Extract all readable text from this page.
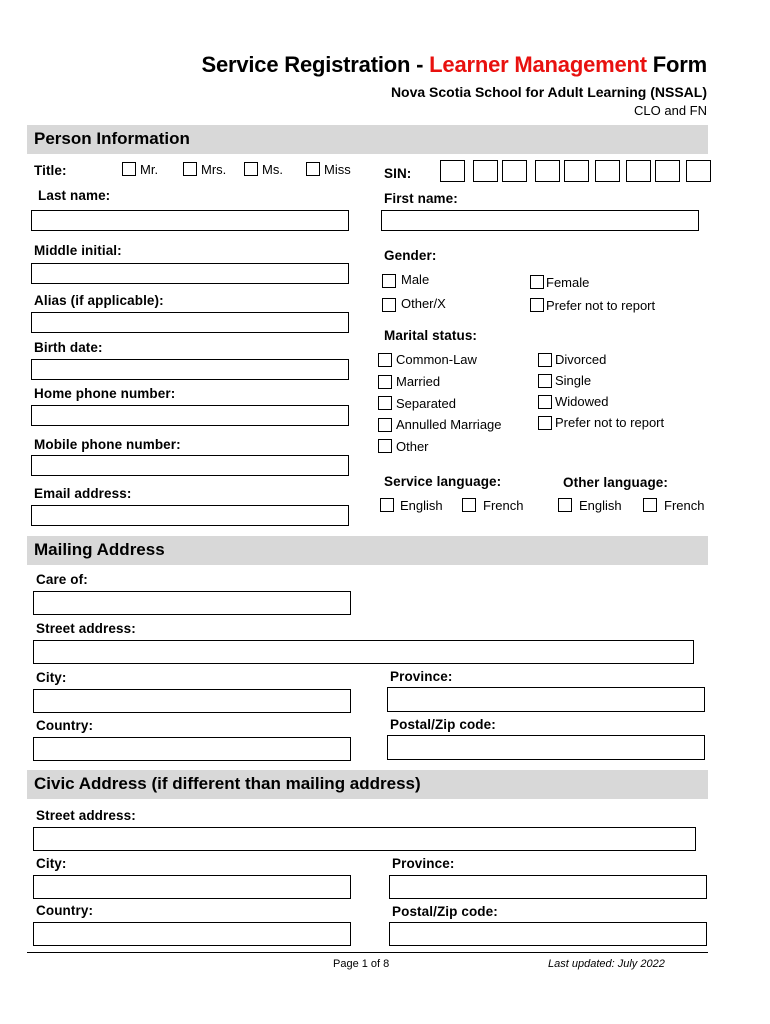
Service Registration - Learner Management Form
Nova Scotia School for Adult Learning (NSSAL)
CLO and FN
Person Information
Title:	Mr.	Mrs.	Ms.	Miss SIN:
Last name:	First name:
Middle initial:	Gender:
Male	Female
Other/X	Prefer not to report
Alias (if applicable):
Marital status:
Common-Law
Married
Separated
Annulled Marriage
Other
Divorced
Single
Widowed
Prefer not to report
Birth date:
Home phone number:
Mobile phone number:
Email address:
Service language:	Other language:
English	French	English	French
Mailing Address
Care of:
Street address:
City:	Province:
Country:	Postal/Zip code:
Civic Address (if different than mailing address)
Street address:
City:	Province:
Country:	Postal/Zip code:
Page 1 of 8	Last updated: July 2022
